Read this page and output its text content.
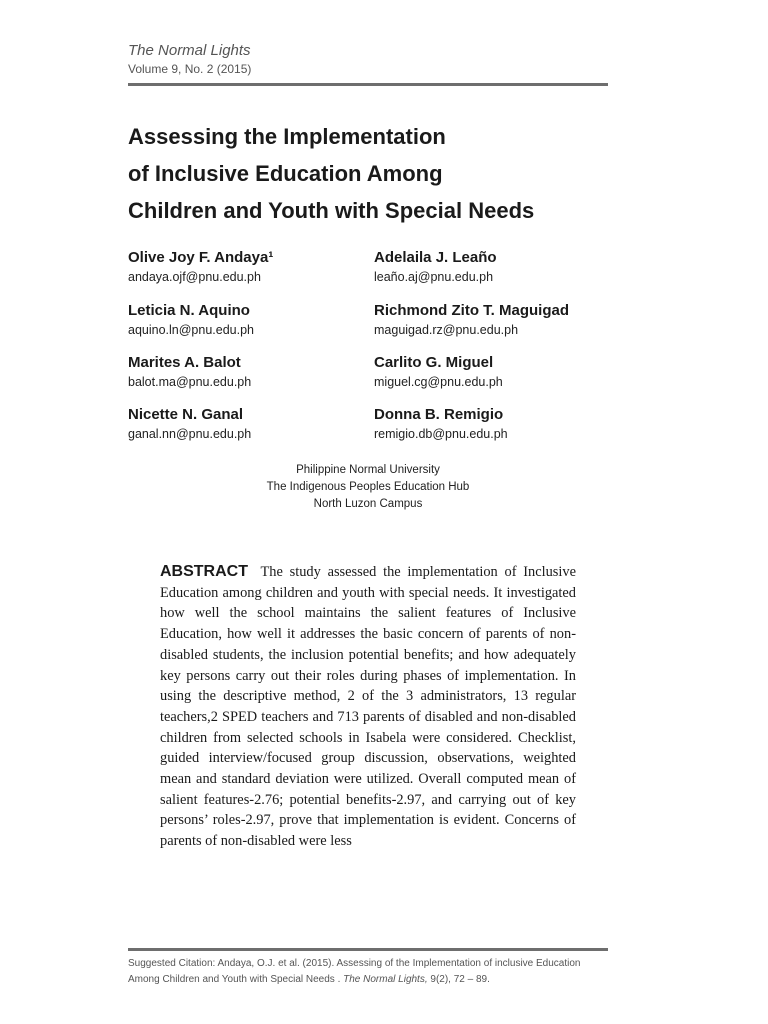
The Normal Lights
Volume 9, No. 2 (2015)
Assessing the Implementation
of Inclusive Education Among
Children and Youth with Special Needs
Olive Joy F. Andaya¹
andaya.ojf@pnu.edu.ph
Adelaila J. Leaño
leaño.aj@pnu.edu.ph
Leticia N. Aquino
aquino.ln@pnu.edu.ph
Richmond Zito T. Maguigad
maguigad.rz@pnu.edu.ph
Marites A. Balot
balot.ma@pnu.edu.ph
Carlito G. Miguel
miguel.cg@pnu.edu.ph
Nicette N. Ganal
ganal.nn@pnu.edu.ph
Donna B. Remigio
remigio.db@pnu.edu.ph
Philippine Normal University
The Indigenous Peoples Education Hub
North Luzon Campus
ABSTRACT The study assessed the implementation of Inclusive Education among children and youth with special needs. It investigated how well the school maintains the salient features of Inclusive Education, how well it addresses the basic concern of parents of non-disabled students, the inclusion potential benefits; and how adequately key persons carry out their roles during phases of implementation. In using the descriptive method, 2 of the 3 administrators, 13 regular teachers,2 SPED teachers and 713 parents of disabled and non-disabled children from selected schools in Isabela were considered. Checklist, guided interview/focused group discussion, observations, weighted mean and standard deviation were utilized. Overall computed mean of salient features-2.76; potential benefits-2.97, and carrying out of key persons’ roles-2.97, prove that implementation is evident. Concerns of parents of non-disabled were less
Suggested Citation: Andaya, O.J. et al. (2015). Assessing of the Implementation of inclusive Education Among Children and Youth with Special Needs . The Normal Lights, 9(2), 72 – 89.
